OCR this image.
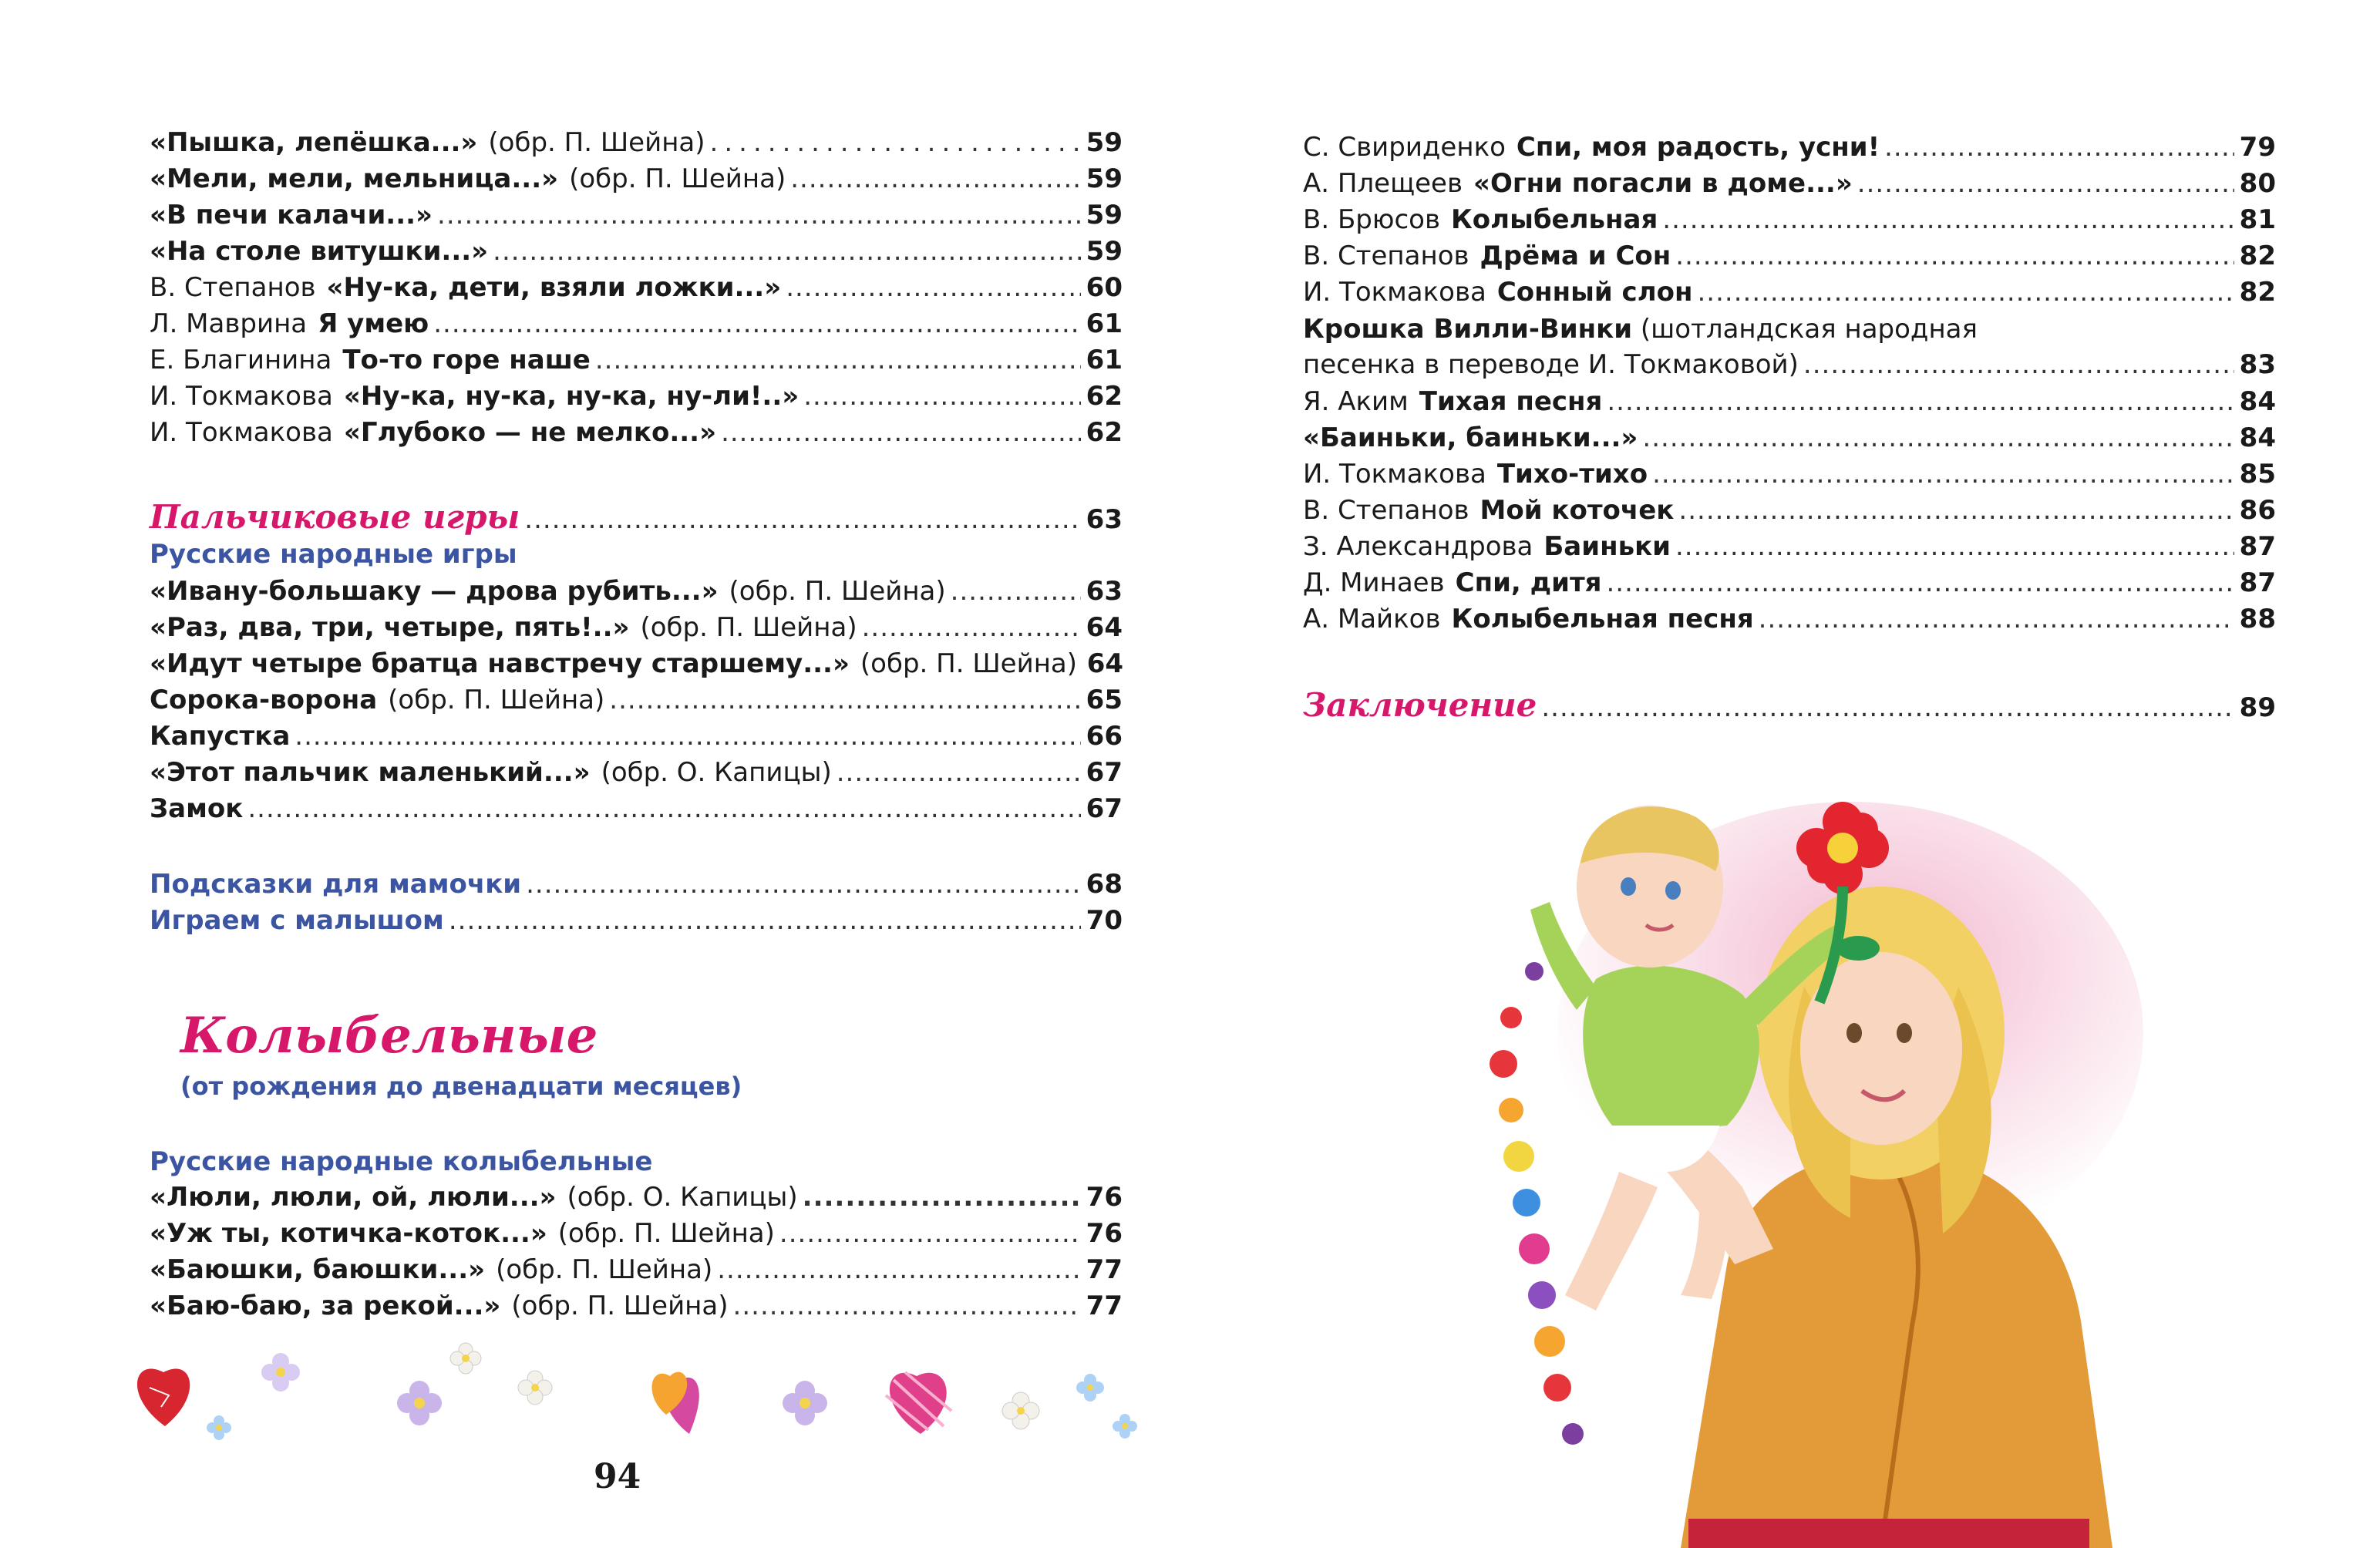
«Пышка, лепёшка...» (обр. П. Шейна) .....	59
«Мели, мели, мельница...» (обр. П. Шейна) .....	59
«В печи калачи...» .....	59
«На столе витушки...» .....	59
В. Степанов «Ну-ка, дети, взяли ложки...» .....	60
Л. Маврина Я умею .....	61
Е. Благинина То-то горе наше .....	61
И. Токмакова «Ну-ка, ну-ка, ну-ка, ну-ли!..» .....	62
И. Токмакова «Глубоко — не мелко...» .....	62
Пальчиковые игры .....	63
Русские народные игры
«Ивану-большаку — дрова рубить...» (обр. П. Шейна) .....	63
«Раз, два, три, четыре, пять!..» (обр. П. Шейна) .....	64
«Идут четыре братца навстречу старшему...» (обр. П. Шейна) 64
Сорока-ворона (обр. П. Шейна) .....	65
Капустка .....	66
«Этот пальчик маленький...» (обр. О. Капицы) .....	67
Замок .....	67
Подсказки для мамочки .....	68
Играем с малышом .....	70
Колыбельные
(от рождения до двенадцати месяцев)
Русские народные колыбельные
«Люли, люли, ой, люли...» (обр. О. Капицы) .....	76
«Уж ты, котичка-коток...» (обр. П. Шейна) .....	76
«Баюшки, баюшки...» (обр. П. Шейна) .....	77
«Баю-баю, за рекой...» (обр. П. Шейна) .....	77
94
С. Свириденко Спи, моя радость, усни! .....	79
А. Плещеев «Огни погасли в доме...» .....	80
В. Брюсов Колыбельная .....	81
В. Степанов Дрёма и Сон .....	82
И. Токмакова Сонный слон .....	82
Крошка Вилли-Винки (шотландская народная
песенка в переводе И. Токмаковой) .....	83
Я. Аким Тихая песня .....	84
«Баиньки, баиньки...» .....	84
И. Токмакова Тихо-тихо .....	85
В. Степанов Мой коточек .....	86
З. Александрова Баиньки .....	87
Д. Минаев Спи, дитя .....	87
А. Майков Колыбельная песня .....	88
Заключение .....	89
